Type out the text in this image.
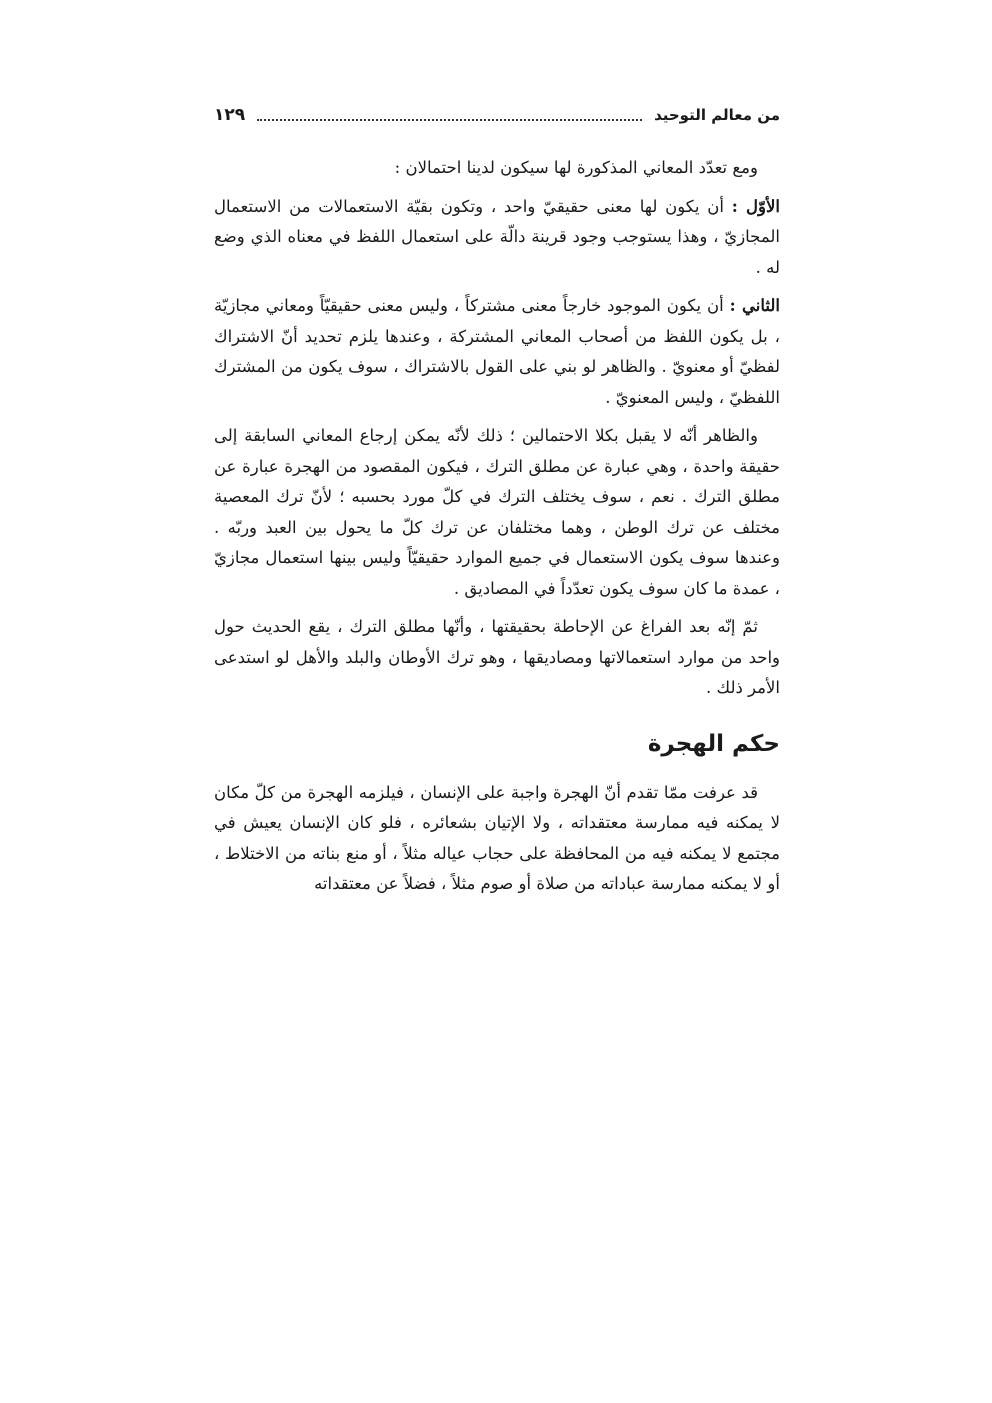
من معالم التوحيد
١٢٩

ومع تعدّد المعاني المذكورة لها سيكون لدينا احتمالان :

الأوّل : أن يكون لها معنى حقيقيّ واحد ، وتكون بقيّة الاستعمالات من الاستعمال المجازيّ ، وهذا يستوجب وجود قرينة دالّة على استعمال اللفظ في معناه الذي وضع له .

الثاني : أن يكون الموجود خارجاً معنى مشتركاً ، وليس معنى حقيقيّاً ومعاني مجازيّة ، بل يكون اللفظ من أصحاب المعاني المشتركة ، وعندها يلزم تحديد أنّ الاشتراك لفظيّ أو معنويّ . والظاهر لو بني على القول بالاشتراك ، سوف يكون من المشترك اللفظيّ ، وليس المعنويّ .

والظاهر أنّه لا يقبل بكلا الاحتمالين ؛ ذلك لأنّه يمكن إرجاع المعاني السابقة إلى حقيقة واحدة ، وهي عبارة عن مطلق الترك ، فيكون المقصود من الهجرة عبارة عن مطلق الترك . نعم ، سوف يختلف الترك في كلّ مورد بحسبه ؛ لأنّ ترك المعصية مختلف عن ترك الوطن ، وهما مختلفان عن ترك كلّ ما يحول بين العبد وربّه . وعندها سوف يكون الاستعمال في جميع الموارد حقيقيّاً وليس بينها استعمال مجازيّ ، عمدة ما كان سوف يكون تعدّداً في المصاديق .

ثمّ إنّه بعد الفراغ عن الإحاطة بحقيقتها ، وأنّها مطلق الترك ، يقع الحديث حول واحد من موارد استعمالاتها ومصاديقها ، وهو ترك الأوطان والبلد والأهل لو استدعى الأمر ذلك .

حكم الهجرة

قد عرفت ممّا تقدم أنّ الهجرة واجبة على الإنسان ، فيلزمه الهجرة من كلّ مكان لا يمكنه فيه ممارسة معتقداته ، ولا الإتيان بشعائره ، فلو كان الإنسان يعيش في مجتمع لا يمكنه فيه من المحافظة على حجاب عياله مثلاً ، أو منع بناته من الاختلاط ، أو لا يمكنه ممارسة عباداته من صلاة أو صوم مثلاً ، فضلاً عن معتقداته
